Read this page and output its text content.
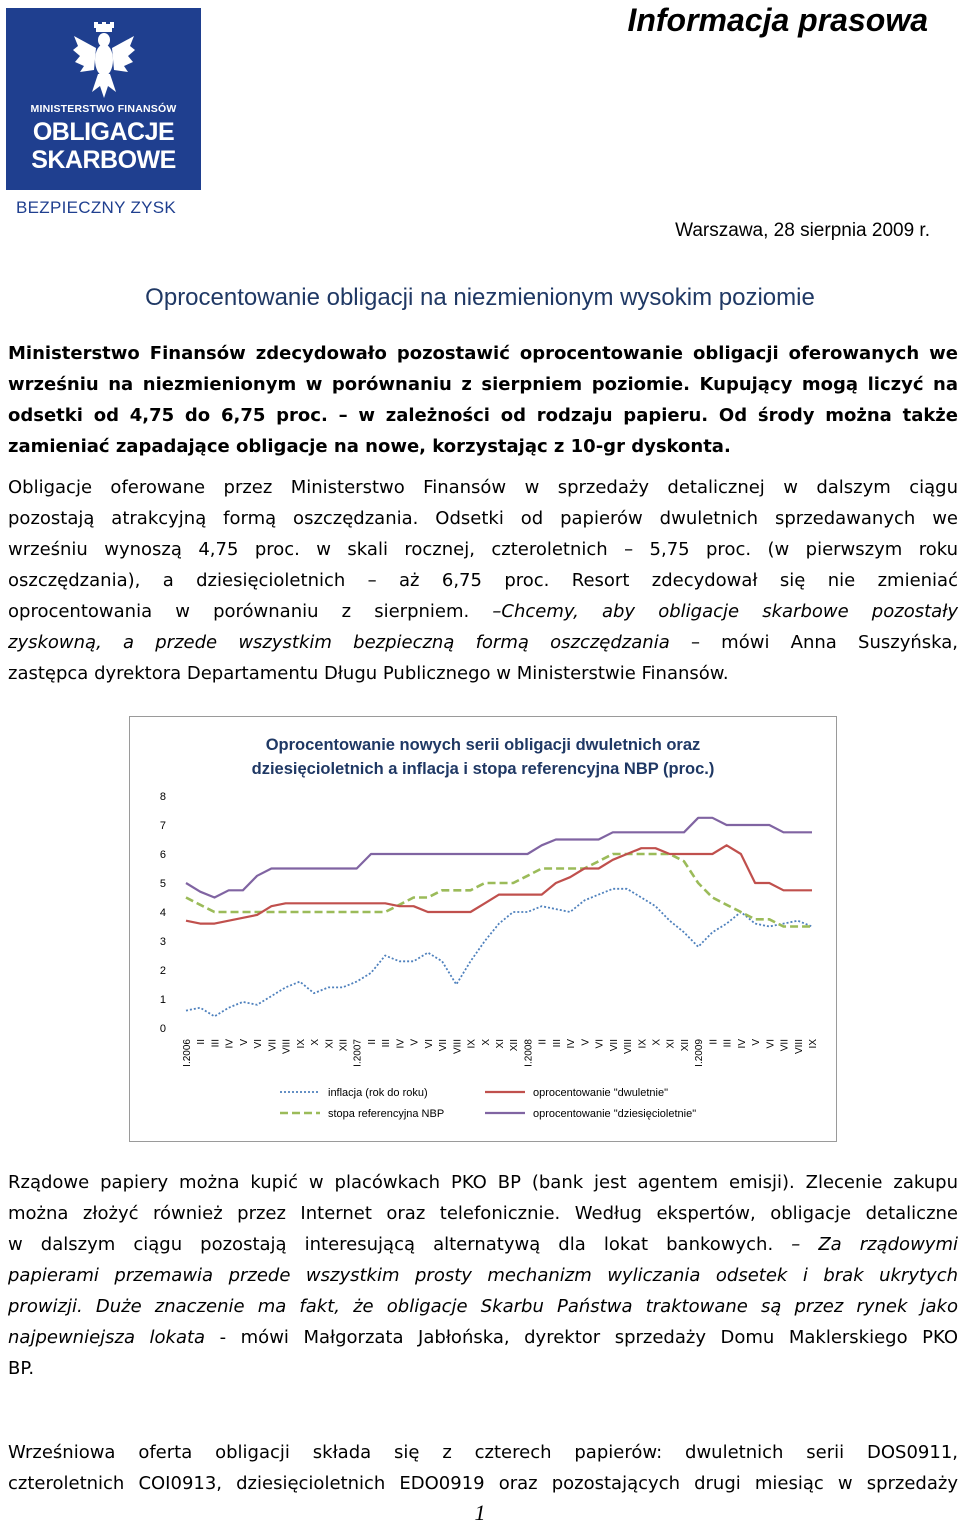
MINISTERSTWO FINANSÓW
OBLIGACJE
SKARBOWE
BEZPIECZNY ZYSK
Informacja prasowa
Warszawa, 28 sierpnia 2009 r.
Oprocentowanie obligacji na niezmienionym wysokim poziomie
Ministerstwo Finansów zdecydowało pozostawić oprocentowanie obligacji oferowanych we
wrześniu na niezmienionym w porównaniu z sierpniem poziomie. Kupujący mogą liczyć na
odsetki od 4,75 do 6,75 proc. – w zależności od rodzaju papieru. Od środy można także
zamieniać zapadające obligacje na nowe, korzystając z 10-gr dyskonta.
Obligacje oferowane przez Ministerstwo Finansów w sprzedaży detalicznej w dalszym ciągu
pozostają atrakcyjną formą oszczędzania. Odsetki od papierów dwuletnich sprzedawanych we
wrześniu wynoszą 4,75 proc. w skali rocznej, czteroletnich – 5,75 proc. (w pierwszym roku
oszczędzania), a dziesięcioletnich – aż 6,75 proc. Resort zdecydował się nie zmieniać
oprocentowania w porównaniu z sierpniem. –Chcemy, aby obligacje skarbowe pozostały
zyskowną, a przede wszystkim bezpieczną formą oszczędzania – mówi Anna Suszyńska,
zastępca dyrektora Departamentu Długu Publicznego w Ministerstwie Finansów.
Oprocentowanie nowych serii obligacji dwuletnich oraz
dziesięcioletnich a inflacja i stopa referencyjna NBP (proc.)
0
1
2
3
4
5
6
7
8
I.2006 II III IV V VI VII VIII IX X XI XII I.2007 II III IV V VI VII VIII IX X XI XII I.2008 II III IV V VI VII VIII IX X XI XII I.2009 II III IV V VI VII VIII IX
inflacja (rok do roku)	oprocentowanie "dwuletnie"
stopa referencyjna NBP	oprocentowanie "dziesięcioletnie"
Rządowe papiery można kupić w placówkach PKO BP (bank jest agentem emisji). Zlecenie zakupu
można złożyć również przez Internet oraz telefonicznie. Według ekspertów, obligacje detaliczne
w dalszym ciągu pozostają interesującą alternatywą dla lokat bankowych. – Za rządowymi
papierami przemawia przede wszystkim prosty mechanizm wyliczania odsetek i brak ukrytych
prowizji. Duże znaczenie ma fakt, że obligacje Skarbu Państwa traktowane są przez rynek jako
najpewniejsza lokata - mówi Małgorzata Jabłońska, dyrektor sprzedaży Domu Maklerskiego PKO
BP.
Wrześniowa oferta obligacji składa się z czterech papierów: dwuletnich serii DOS0911,
czteroletnich COI0913, dziesięcioletnich EDO0919 oraz pozostających drugi miesiąc w sprzedaży
1
